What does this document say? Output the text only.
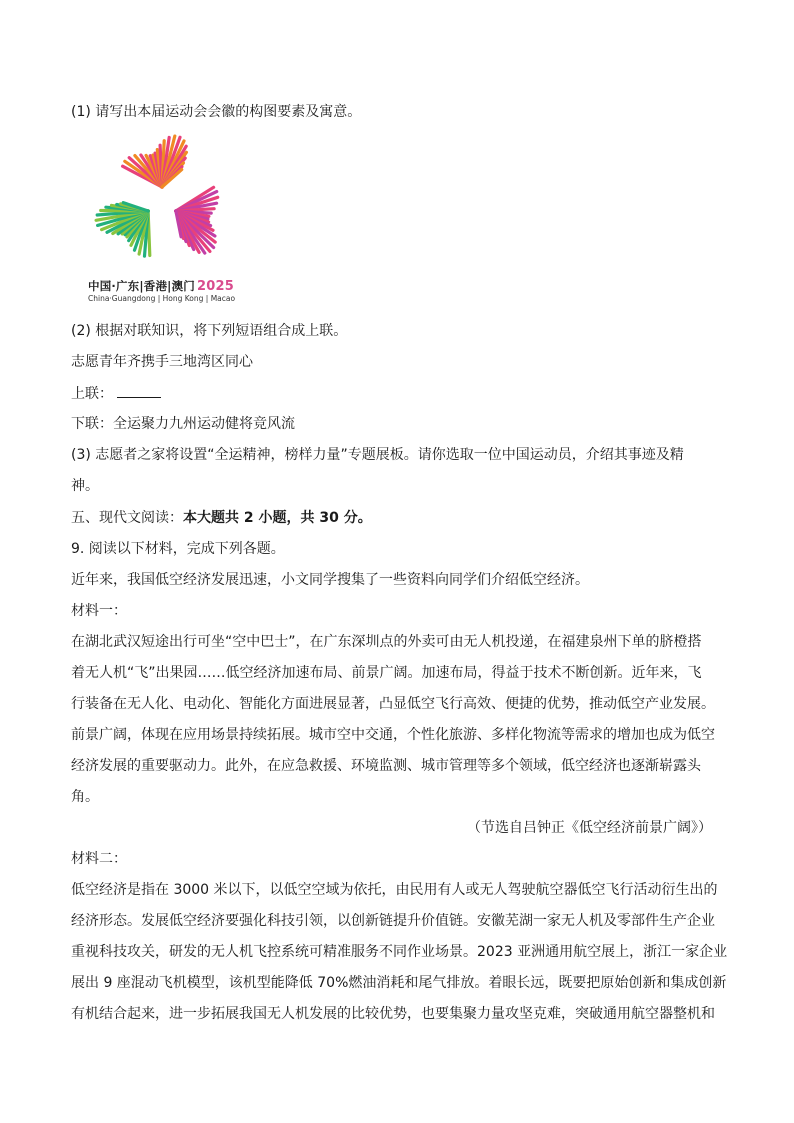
(1) 请写出本届运动会会徽的构图要素及寓意。
中国·广东|香港|澳门 2025
China·Guangdong | Hong Kong | Macao
(2) 根据对联知识，将下列短语组合成上联。
志愿青年齐携手三地湾区同心
上联：
下联：全运聚力九州运动健将竞风流
(3) 志愿者之家将设置“全运精神，榜样力量”专题展板。请你选取一位中国运动员，介绍其事迹及精
神。
五、现代文阅读：本大题共 2 小题，共 30 分。
9. 阅读以下材料，完成下列各题。
近年来，我国低空经济发展迅速，小文同学搜集了一些资料向同学们介绍低空经济。
材料一：
在湖北武汉短途出行可坐“空中巴士”，在广东深圳点的外卖可由无人机投递，在福建泉州下单的脐橙搭
着无人机“飞”出果园……低空经济加速布局、前景广阔。加速布局，得益于技术不断创新。近年来，飞
行装备在无人化、电动化、智能化方面进展显著，凸显低空飞行高效、便捷的优势，推动低空产业发展。
前景广阔，体现在应用场景持续拓展。城市空中交通，个性化旅游、多样化物流等需求的增加也成为低空
经济发展的重要驱动力。此外，在应急救援、环境监测、城市管理等多个领域，低空经济也逐渐崭露头
角。
（节选自吕钟正《低空经济前景广阔》）
材料二：
低空经济是指在 3000 米以下，以低空空域为依托，由民用有人或无人驾驶航空器低空飞行活动衍生出的
经济形态。发展低空经济要强化科技引领，以创新链提升价值链。安徽芜湖一家无人机及零部件生产企业
重视科技攻关，研发的无人机飞控系统可精准服务不同作业场景。2023 亚洲通用航空展上，浙江一家企业
展出 9 座混动飞机模型，该机型能降低 70%燃油消耗和尾气排放。着眼长远，既要把原始创新和集成创新
有机结合起来，进一步拓展我国无人机发展的比较优势，也要集聚力量攻坚克难，突破通用航空器整机和
